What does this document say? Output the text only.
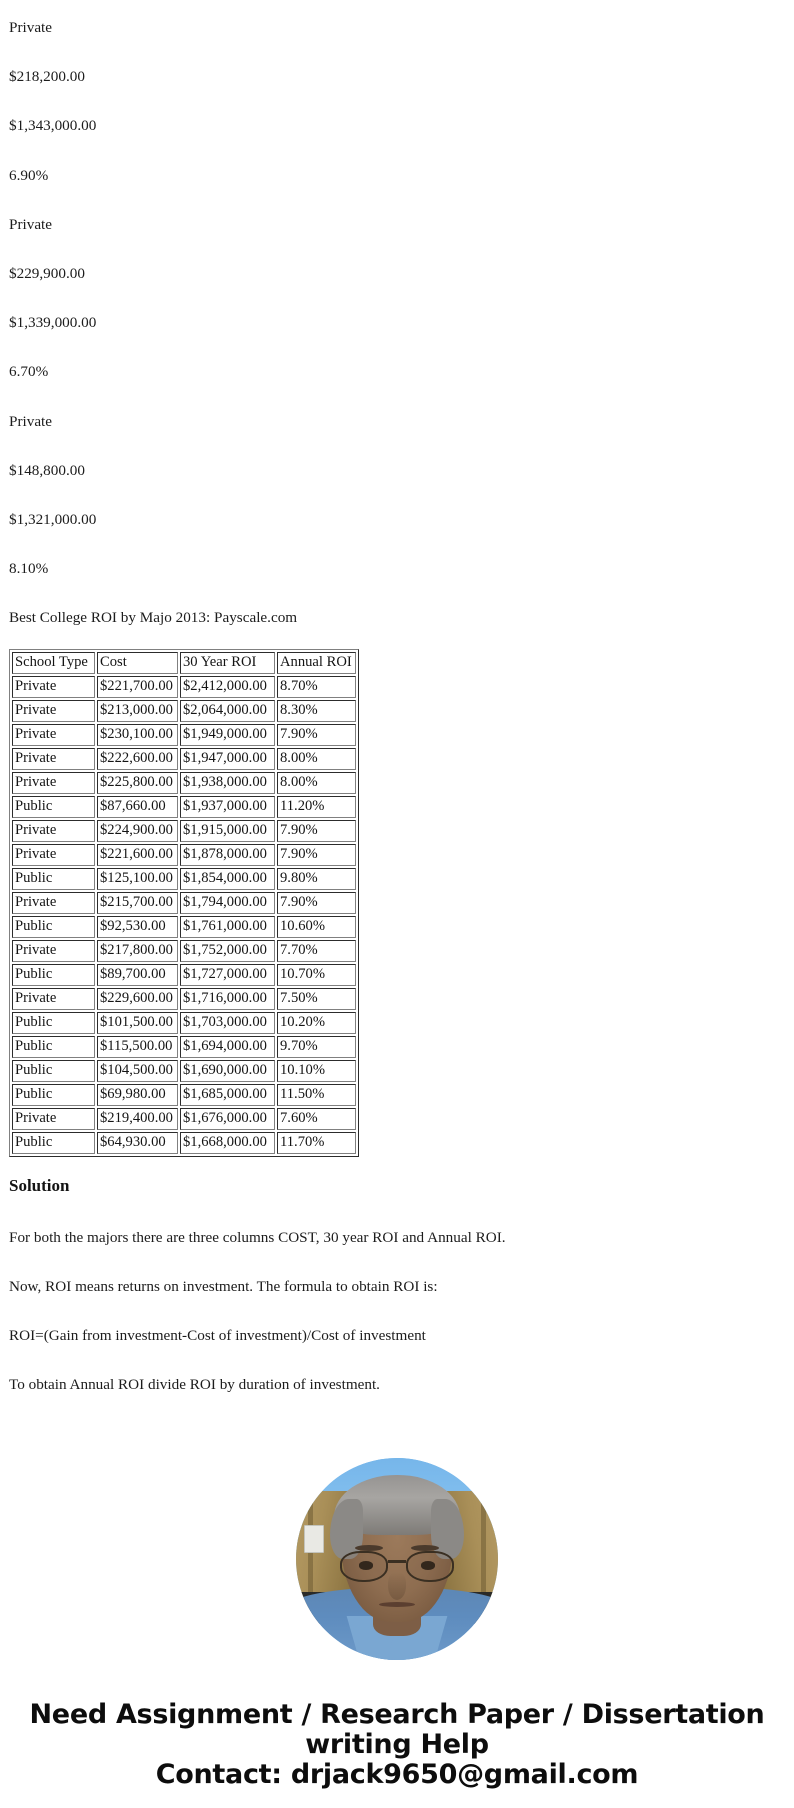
Private

$218,200.00

$1,343,000.00

6.90%

Private

$229,900.00

$1,339,000.00

6.70%

Private

$148,800.00

$1,321,000.00

8.10%

Best College ROI by Majo 2013: Payscale.com

School Type	Cost	30 Year ROI	Annual ROI
Private	$221,700.00	$2,412,000.00	8.70%
Private	$213,000.00	$2,064,000.00	8.30%
Private	$230,100.00	$1,949,000.00	7.90%
Private	$222,600.00	$1,947,000.00	8.00%
Private	$225,800.00	$1,938,000.00	8.00%
Public	$87,660.00	$1,937,000.00	11.20%
Private	$224,900.00	$1,915,000.00	7.90%
Private	$221,600.00	$1,878,000.00	7.90%
Public	$125,100.00	$1,854,000.00	9.80%
Private	$215,700.00	$1,794,000.00	7.90%
Public	$92,530.00	$1,761,000.00	10.60%
Private	$217,800.00	$1,752,000.00	7.70%
Public	$89,700.00	$1,727,000.00	10.70%
Private	$229,600.00	$1,716,000.00	7.50%
Public	$101,500.00	$1,703,000.00	10.20%
Public	$115,500.00	$1,694,000.00	9.70%
Public	$104,500.00	$1,690,000.00	10.10%
Public	$69,980.00	$1,685,000.00	11.50%
Private	$219,400.00	$1,676,000.00	7.60%
Public	$64,930.00	$1,668,000.00	11.70%
Solution

For both the majors there are three columns COST, 30 year ROI and Annual ROI.

Now, ROI means returns on investment. The formula to obtain ROI is:

ROI=(Gain from investment-Cost of investment)/Cost of investment

To obtain Annual ROI divide ROI by duration of investment.

Need Assignment / Research Paper / Dissertation
writing Help
Contact: drjack9650@gmail.com
